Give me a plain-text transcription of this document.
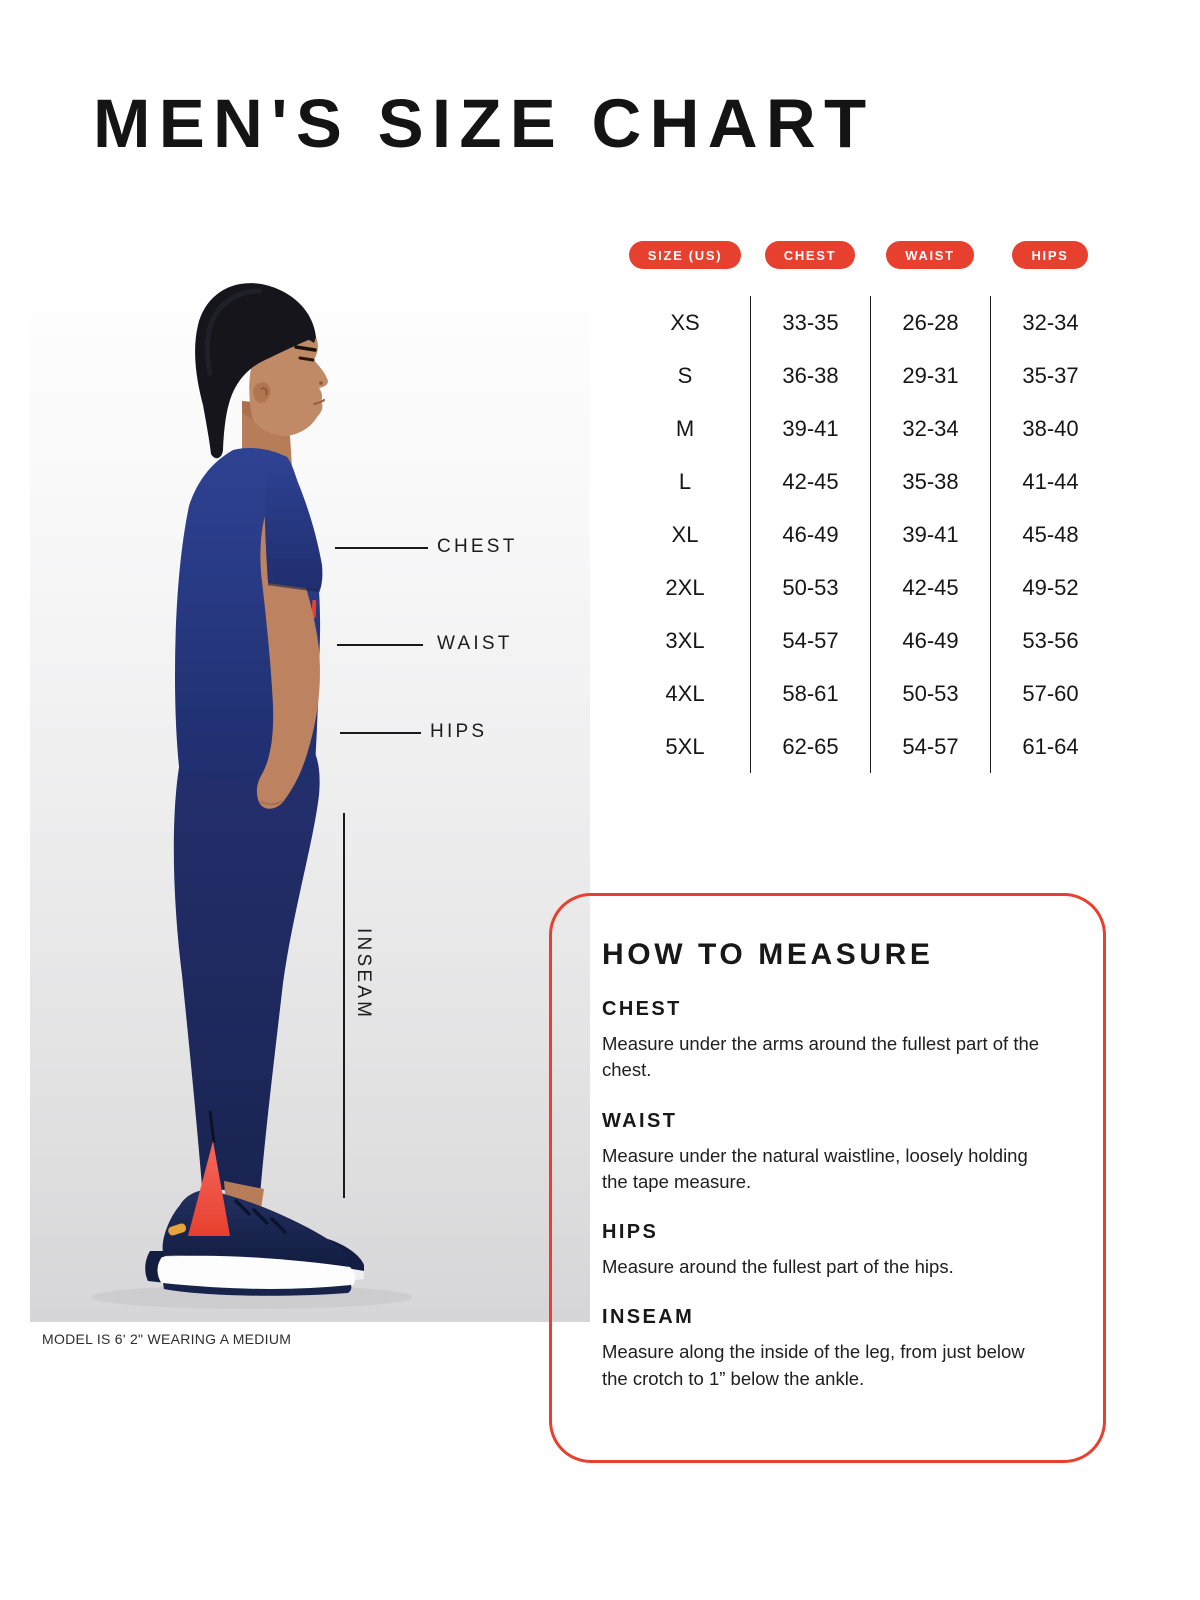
MEN'S SIZE CHART
CHEST
WAIST
HIPS
INSEAM
MODEL IS 6' 2" WEARING A MEDIUM
SIZE (US)	CHEST	WAIST	HIPS
XS	33-35	26-28	32-34
S	36-38	29-31	35-37
M	39-41	32-34	38-40
L	42-45	35-38	41-44
XL	46-49	39-41	45-48
2XL	50-53	42-45	49-52
3XL	54-57	46-49	53-56
4XL	58-61	50-53	57-60
5XL	62-65	54-57	61-64
HOW TO MEASURE
CHEST

Measure under the arms around the fullest part of the chest.

WAIST

Measure under the natural waistline, loosely holding the tape measure.

HIPS

Measure around the fullest part of the hips.

INSEAM

Measure along the inside of the leg, from just below the crotch to 1” below the ankle.
